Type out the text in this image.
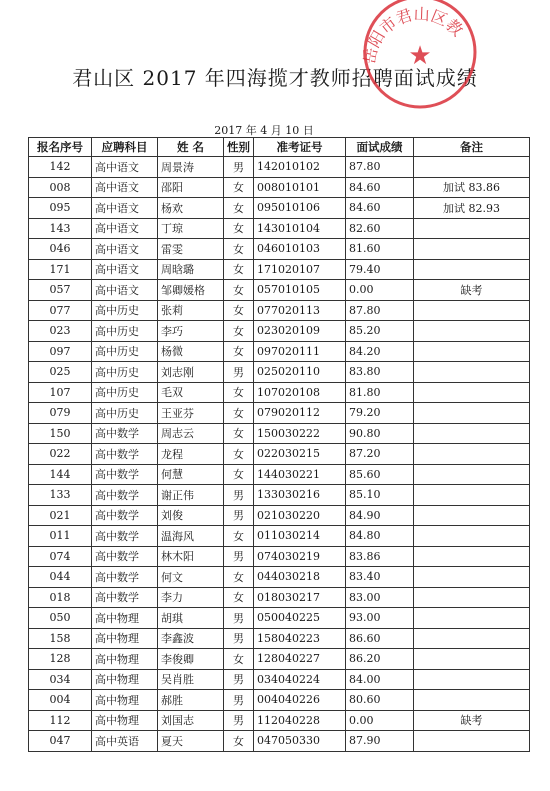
君山区 2017 年四海揽才教师招聘面试成绩
岳阳市君山区教
★
2017 年 4 月 10 日
报名序号	应聘科目	姓 名	性别	准考证号	面试成绩	备注
142	高中语文	周景涛	男	142010102	87.80	
008	高中语文	邵阳	女	008010101	84.60	加试 83.86
095	高中语文	杨欢	女	095010106	84.60	加试 82.93
143	高中语文	丁琼	女	143010104	82.60	
046	高中语文	雷雯	女	046010103	81.60	
171	高中语文	周晗璐	女	171020107	79.40	
057	高中语文	邹卿媛格	女	057010105	0.00	缺考
077	高中历史	张莉	女	077020113	87.80	
023	高中历史	李巧	女	023020109	85.20	
097	高中历史	杨微	女	097020111	84.20	
025	高中历史	刘志刚	男	025020110	83.80	
107	高中历史	毛双	女	107020108	81.80	
079	高中历史	王亚芬	女	079020112	79.20	
150	高中数学	周志云	女	150030222	90.80	
022	高中数学	龙程	女	022030215	87.20	
144	高中数学	何慧	女	144030221	85.60	
133	高中数学	谢正伟	男	133030216	85.10	
021	高中数学	刘俊	男	021030220	84.90	
011	高中数学	温海风	女	011030214	84.80	
074	高中数学	林木阳	男	074030219	83.86	
044	高中数学	何文	女	044030218	83.40	
018	高中数学	李力	女	018030217	83.00	
050	高中物理	胡琪	男	050040225	93.00	
158	高中物理	李鑫波	男	158040223	86.60	
128	高中物理	李俊卿	女	128040227	86.20	
034	高中物理	吴肖胜	男	034040224	84.00	
004	高中物理	郝胜	男	004040226	80.60	
112	高中物理	刘国志	男	112040228	0.00	缺考
047	高中英语	夏天	女	047050330	87.90	
